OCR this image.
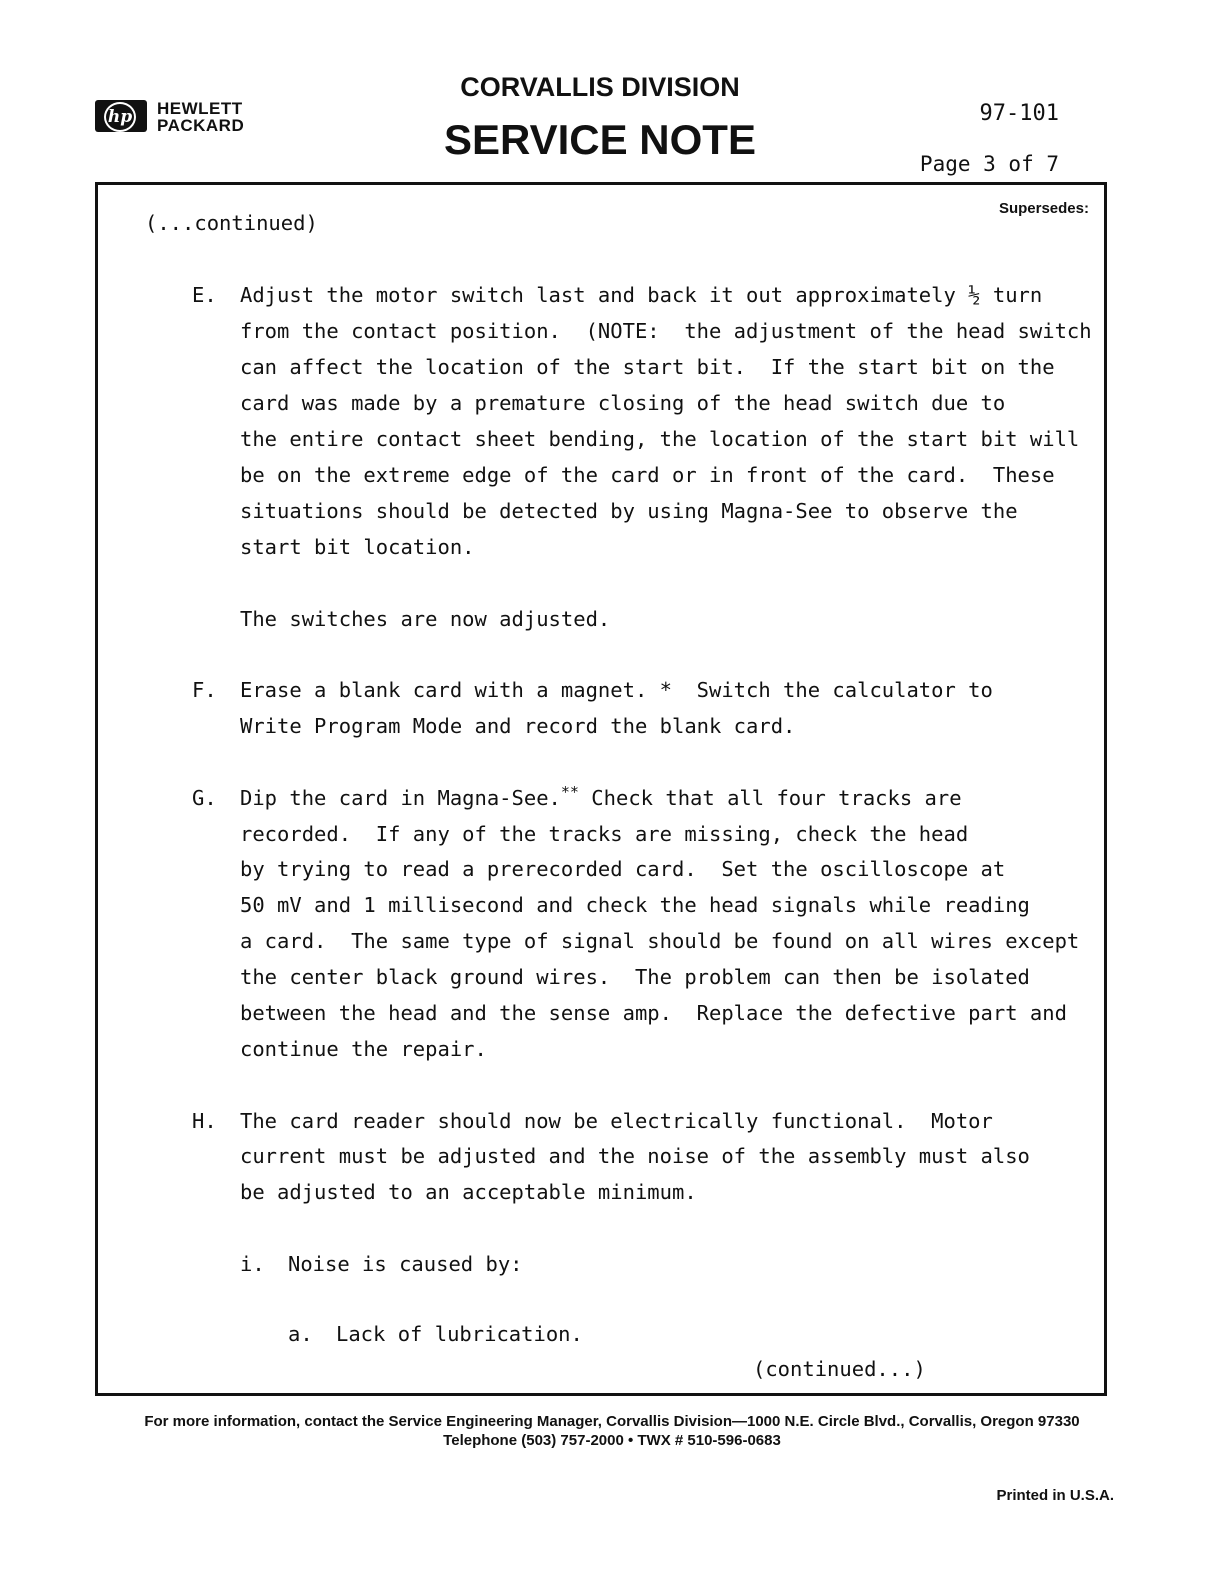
hp HEWLETT
PACKARD
CORVALLIS DIVISION
SERVICE NOTE
97-101
Page 3 of 7
Supersedes:
(...continued)
E. Adjust the motor switch last and back it out approximately ½ turn
from the contact position.  (NOTE:  the adjustment of the head switch
can affect the location of the start bit.  If the start bit on the
card was made by a premature closing of the head switch due to
the entire contact sheet bending, the location of the start bit will
be on the extreme edge of the card or in front of the card.  These
situations should be detected by using Magna-See to observe the
start bit location.
The switches are now adjusted.
F. Erase a blank card with a magnet. *  Switch the calculator to
Write Program Mode and record the blank card.
G. Dip the card in Magna-See.** Check that all four tracks are
recorded.  If any of the tracks are missing, check the head
by trying to read a prerecorded card.  Set the oscilloscope at
50 mV and 1 millisecond and check the head signals while reading
a card.  The same type of signal should be found on all wires except
the center black ground wires.  The problem can then be isolated
between the head and the sense amp.  Replace the defective part and
continue the repair.
H. The card reader should now be electrically functional.  Motor
current must be adjusted and the noise of the assembly must also
be adjusted to an acceptable minimum.
i. Noise is caused by:
a. Lack of lubrication.
(continued...)
For more information, contact the Service Engineering Manager, Corvallis Division—1000 N.E. Circle Blvd., Corvallis, Oregon 97330
Telephone (503) 757-2000 • TWX # 510-596-0683
Printed in U.S.A.
